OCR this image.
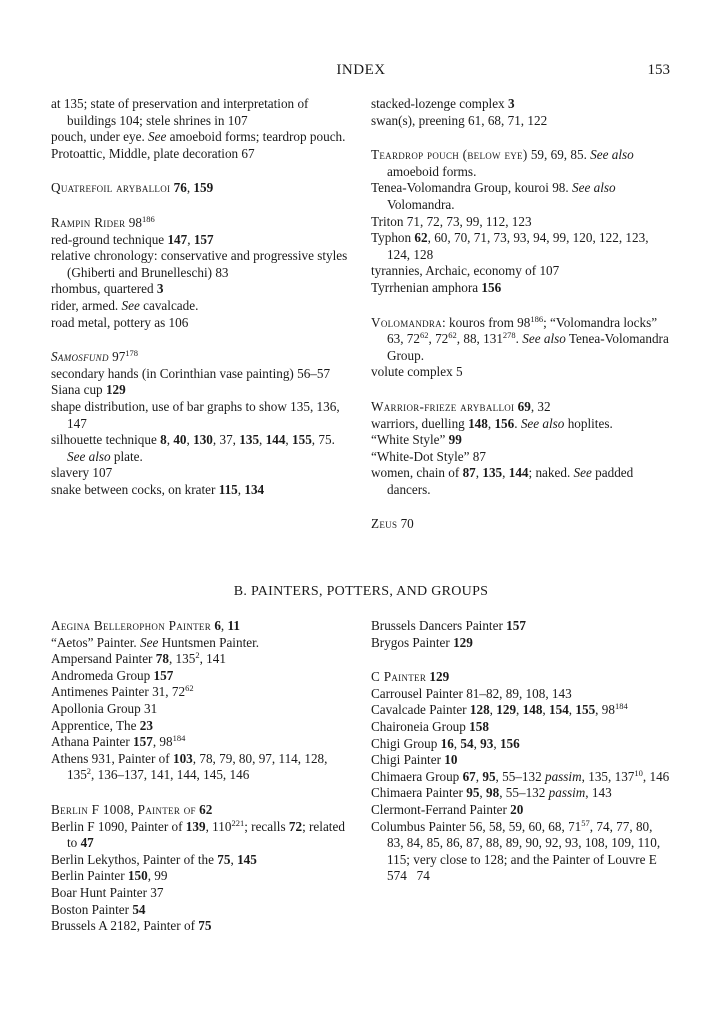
INDEX	153
at 135; state of preservation and interpretation of buildings 104; stele shrines in 107
pouch, under eye. See amoeboid forms; teardrop pouch.
Protoattic, Middle, plate decoration 67
Quatrefoil aryballoi 76, 159
Rampin Rider $98^{186}$
red-ground technique 147, 157
relative chronology: conservative and progressive styles (Ghiberti and Brunelleschi) 83
rhombus, quartered 3
rider, armed. See cavalcade.
road metal, pottery as 106
Samosfund $97^{178}$
secondary hands (in Corinthian vase painting) 56–57
Siana cup 129
shape distribution, use of bar graphs to show 135, 136, 147
silhouette technique 8, 40, 130, 37, 135, 144, 155, 75. See also plate.
slavery 107
snake between cocks, on krater 115, 134
stacked-lozenge complex 3
swan(s), preening 61, 68, 71, 122
Teardrop pouch (below eye) 59, 69, 85. See also amoeboid forms.
Tenea-Volomandra Group, kouroi 98. See also Volomandra.
Triton 71, 72, 73, 99, 112, 123
Typhon 62, 60, 70, 71, 73, 93, 94, 99, 120, 122, 123, 124, 128
tyrannies, Archaic, economy of 107
Tyrrhenian amphora 156
Volomandra: kouros from $98^{186}$; “Volomandra locks” 63, $72^{62}$, $72^{62}$, 88, $131^{278}$. See also Tenea-Volomandra Group.
volute complex 5
Warrior-frieze aryballoi 69, 32
warriors, duelling 148, 156. See also hoplites.
“White Style” 99
“White-Dot Style” 87
women, chain of 87, 135, 144; naked. See padded dancers.
Zeus 70
B. PAINTERS, POTTERS, AND GROUPS
Aegina Bellerophon Painter 6, 11
“Aetos” Painter. See Huntsmen Painter.
Ampersand Painter 78, $135^2$, 141
Andromeda Group 157
Antimenes Painter 31, $72^{62}$
Apollonia Group 31
Apprentice, The 23
Athana Painter 157, $98^{184}$
Athens 931, Painter of 103, 78, 79, 80, 97, 114, 128, $135^2$, 136–137, 141, 144, 145, 146
Berlin F 1008, Painter of 62
Berlin F 1090, Painter of 139, $110^{221}$; recalls 72; related to 47
Berlin Lekythos, Painter of the 75, 145
Berlin Painter 150, 99
Boar Hunt Painter 37
Boston Painter 54
Brussels A 2182, Painter of 75
Brussels Dancers Painter 157
Brygos Painter 129
C Painter 129
Carrousel Painter 81–82, 89, 108, 143
Cavalcade Painter 128, 129, 148, 154, 155, $98^{184}$
Chaironeia Group 158
Chigi Group 16, 54, 93, 156
Chigi Painter 10
Chimaera Group 67, 95, 55–132 passim, 135, $137^{10}$, 146
Chimaera Painter 95, 98, 55–132 passim, 143
Clermont-Ferrand Painter 20
Columbus Painter 56, 58, 59, 60, 68, $71^{57}$, 74, 77, 80, 83, 84, 85, 86, 87, 88, 89, 90, 92, 93, 108, 109, 110, 115; very close to 128; and the Painter of Louvre E 574   74
